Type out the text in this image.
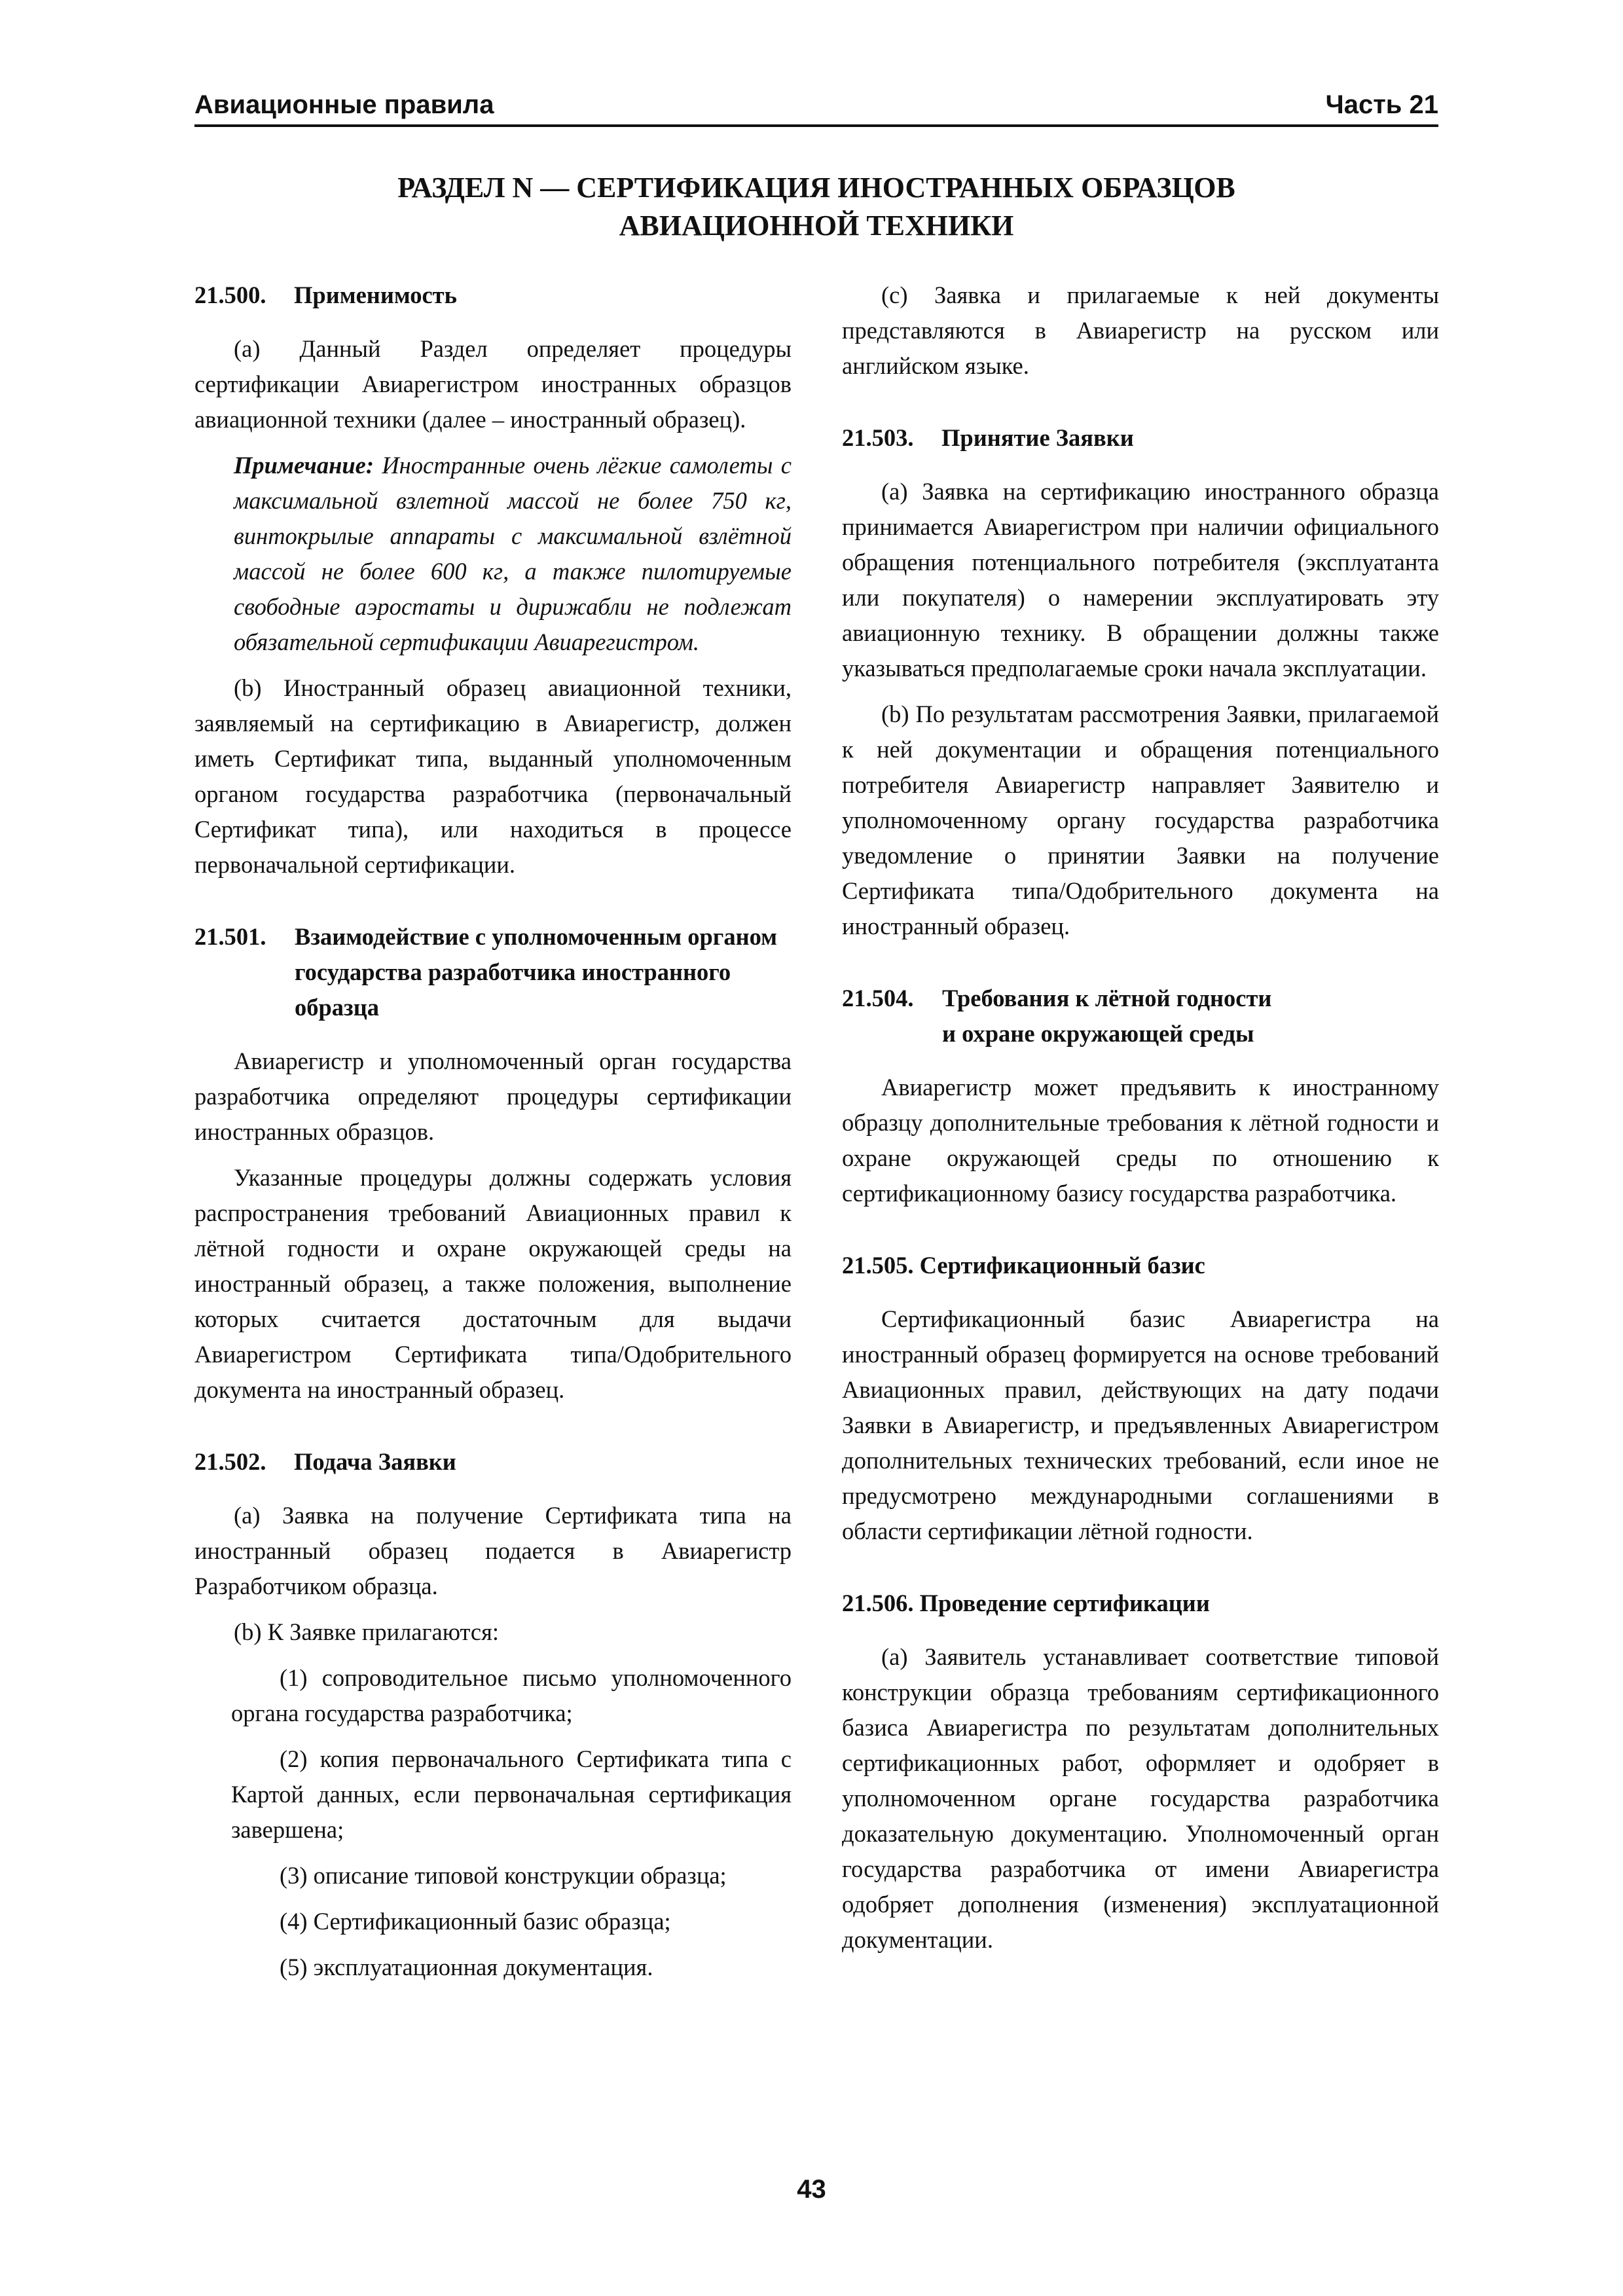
Авиационные правила	Часть 21
РАЗДЕЛ N — СЕРТИФИКАЦИЯ ИНОСТРАННЫХ ОБРАЗЦОВ
АВИАЦИОННОЙ ТЕХНИКИ
21.500. Применимость

(a) Данный Раздел определяет процедуры сертификации Авиарегистром иностранных образцов авиационной техники (далее – иностранный образец).

Примечание: Иностранные очень лёгкие самолеты с максимальной взлетной массой не более 750 кг, винтокрылые аппараты с максимальной взлётной массой не более 600 кг, а также пилотируемые свободные аэростаты и дирижабли не подлежат обязательной сертификации Авиарегистром.

(b) Иностранный образец авиационной техники, заявляемый на сертификацию в Авиарегистр, должен иметь Сертификат типа, выданный уполномоченным органом государства разработчика (первоначальный Сертификат типа), или находиться в процессе первоначальной сертификации.

21.501.	Взаимодействие с уполномоченным органом государства разработчика иностранного образца

Авиарегистр и уполномоченный орган государства разработчика определяют процедуры сертификации иностранных образцов.

Указанные процедуры должны содержать условия распространения требований Авиационных правил к лётной годности и охране окружающей среды на иностранный образец, а также положения, выполнение которых считается достаточным для выдачи Авиарегистром Сертификата типа/Одобрительного документа на иностранный образец.

21.502. Подача Заявки

(a) Заявка на получение Сертификата типа на иностранный образец подается в Авиарегистр Разработчиком образца.

(b) К Заявке прилагаются:

(1) сопроводительное письмо уполномоченного органа государства разработчика;

(2) копия первоначального Сертификата типа с Картой данных, если первоначальная сертификация завершена;

(3) описание типовой конструкции образца;

(4) Сертификационный базис образца;

(5) эксплуатационная документация.

(c) Заявка и прилагаемые к ней документы представляются в Авиарегистр на русском или английском языке.

21.503. Принятие Заявки

(a) Заявка на сертификацию иностранного образца принимается Авиарегистром при наличии официального обращения потенциального потребителя (эксплуатанта или покупателя) о намерении эксплуатировать эту авиационную технику. В обращении должны также указываться предполагаемые сроки начала эксплуатации.

(b) По результатам рассмотрения Заявки, прилагаемой к ней документации и обращения потенциального потребителя Авиарегистр направляет Заявителю и уполномоченному органу государства разработчика уведомление о принятии Заявки на получение Сертификата типа/Одобрительного документа на иностранный образец.

21.504.	Требования к лётной годности
и охране окружающей среды

Авиарегистр может предъявить к иностранному образцу дополнительные требования к лётной годности и охране окружающей среды по отношению к сертификационному базису государства разработчика.

21.505. Сертификационный базис

Сертификационный базис Авиарегистра на иностранный образец формируется на основе требований Авиационных правил, действующих на дату подачи Заявки в Авиарегистр, и предъявленных Авиарегистром дополнительных технических требований, если иное не предусмотрено международными соглашениями в области сертификации лётной годности.

21.506. Проведение сертификации

(a) Заявитель устанавливает соответствие типовой конструкции образца требованиям сертификационного базиса Авиарегистра по результатам дополнительных сертификационных работ, оформляет и одобряет в уполномоченном органе государства разработчика доказательную документацию. Уполномоченный орган государства разработчика от имени Авиарегистра одобряет дополнения (изменения) эксплуатационной документации.

43
